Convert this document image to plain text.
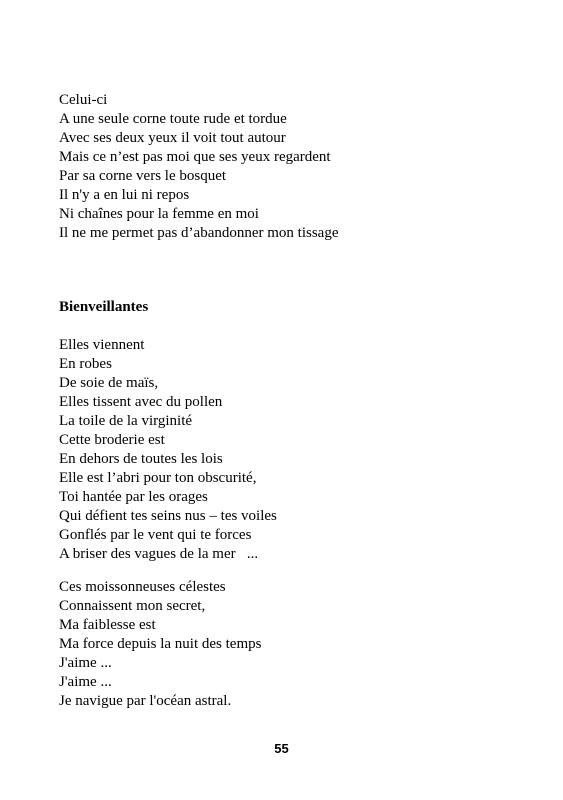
Celui-ci
A une seule corne toute rude et tordue
Avec ses deux yeux il voit tout autour
Mais ce n’est pas moi que ses yeux regardent
Par sa corne vers le bosquet
Il n'y a en lui ni repos
Ni chaînes pour la femme en moi
Il ne me permet pas d’abandonner mon tissage
Bienveillantes
Elles viennent
En robes
De soie de maïs,
Elles tissent avec du pollen
La toile de la virginité
Cette broderie est
En dehors de toutes les lois
Elle est l’abri pour ton obscurité,
Toi hantée par les orages
Qui défient tes seins nus – tes voiles
Gonflés par le vent qui te forces
A briser des vagues de la mer   ...
Ces moissonneuses célestes
Connaissent mon secret,
Ma faiblesse est
Ma force depuis la nuit des temps
J'aime ...
J'aime ...
Je navigue par l'océan astral.
55
